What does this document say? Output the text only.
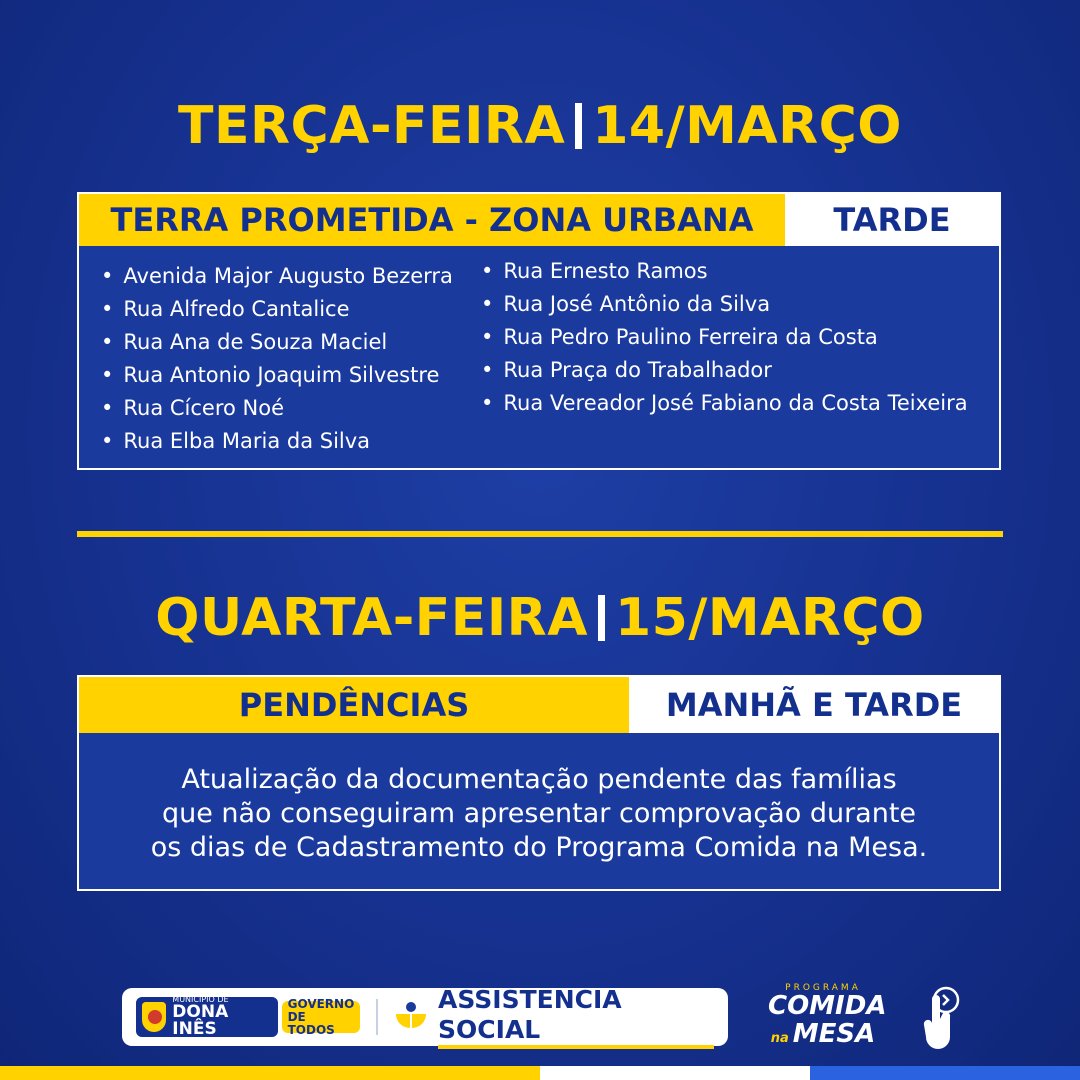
TERÇA-FEIRA 14/MARÇO
TERRA PROMETIDA - ZONA URBANA	TARDE
• Avenida Major Augusto Bezerra
• Rua Alfredo Cantalice
• Rua Ana de Souza Maciel
• Rua Antonio Joaquim Silvestre
• Rua Cícero Noé
• Rua Elba Maria da Silva
• Rua Ernesto Ramos
• Rua José Antônio da Silva
• Rua Pedro Paulino Ferreira da Costa
• Rua Praça do Trabalhador
• Rua Vereador José Fabiano da Costa Teixeira
QUARTA-FEIRA 15/MARÇO
PENDÊNCIAS	MANHÃ E TARDE
Atualização da documentação pendente das famílias
que não conseguiram apresentar comprovação durante
os dias de Cadastramento do Programa Comida na Mesa.
MUNICÍPIO DE
DONA INÊS
GOVERNO
DE TODOS
ASSISTÊNCIA SOCIAL
PROGRAMA
COMIDA
na MESA
